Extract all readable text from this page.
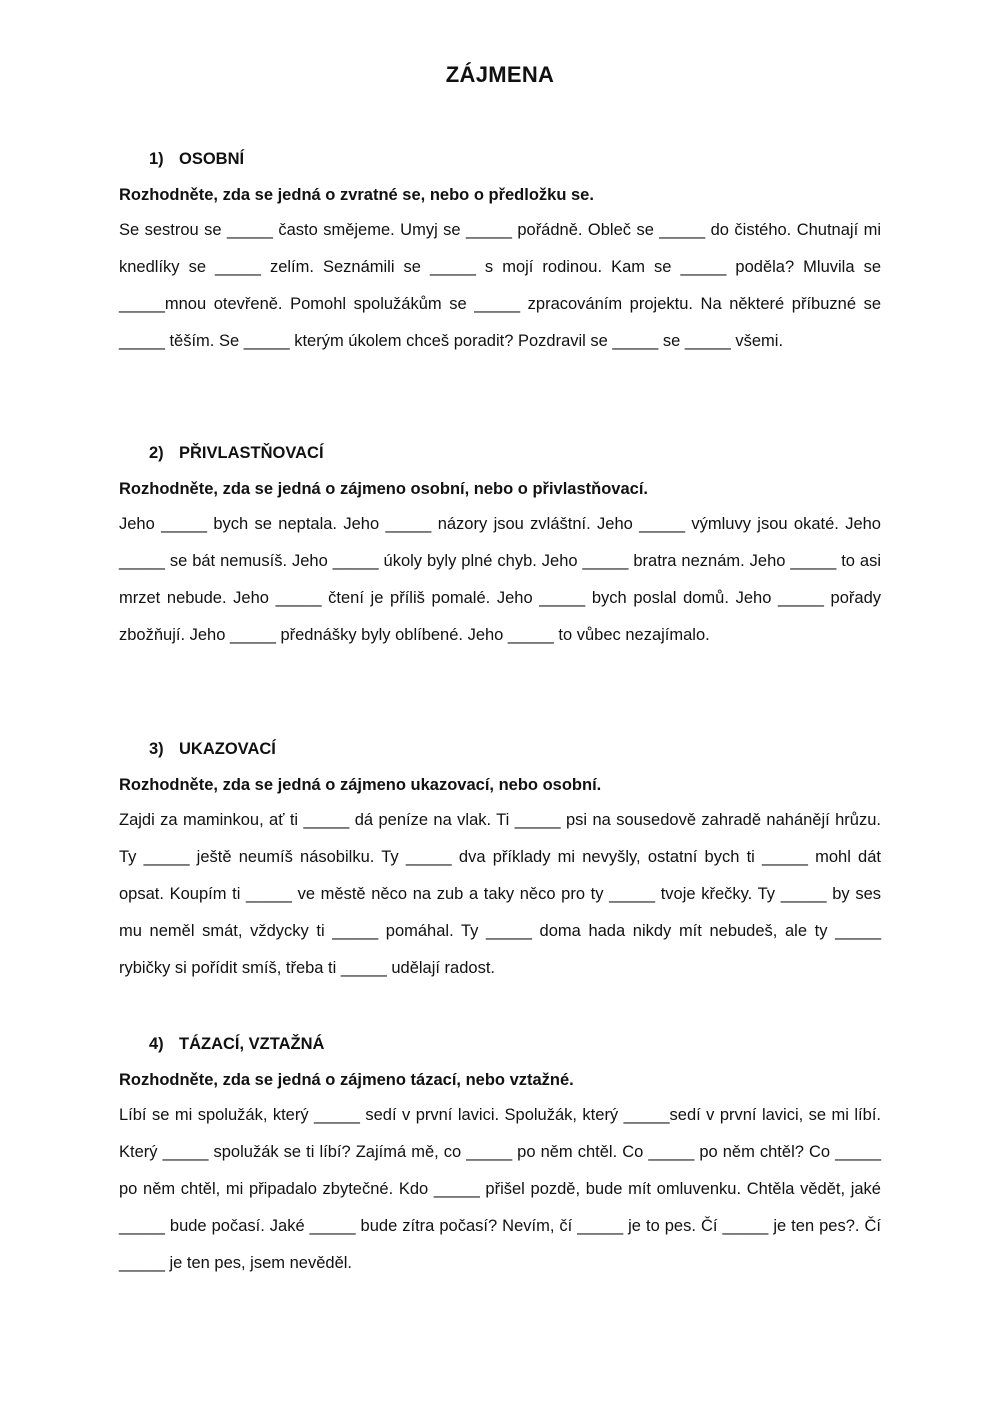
ZÁJMENA
1) OSOBNÍ
Rozhodněte, zda se jedná o zvratné se, nebo o předložku se.
Se sestrou se _____ často smějeme. Umyj se _____ pořádně. Obleč se _____ do čistého. Chutnají mi knedlíky se _____ zelím. Seznámili se _____ s mojí rodinou. Kam se _____ poděla? Mluvila se _____mnou otevřeně. Pomohl spolužákům se _____ zpracováním projektu. Na některé příbuzné se _____ těším. Se _____ kterým úkolem chceš poradit? Pozdravil se _____ se _____ všemi.
2) PŘIVLASTŇOVACÍ
Rozhodněte, zda se jedná o zájmeno osobní, nebo o přivlastňovací.
Jeho _____ bych se neptala. Jeho _____ názory jsou zvláštní. Jeho _____ výmluvy jsou okaté. Jeho _____ se bát nemusíš. Jeho _____ úkoly byly plné chyb. Jeho _____ bratra neznám. Jeho _____ to asi mrzet nebude. Jeho _____ čtení je příliš pomalé. Jeho _____ bych poslal domů. Jeho _____ pořady zbožňují. Jeho _____ přednášky byly oblíbené. Jeho _____ to vůbec nezajímalo.
3) UKAZOVACÍ
Rozhodněte, zda se jedná o zájmeno ukazovací, nebo osobní.
Zajdi za maminkou, ať ti _____ dá peníze na vlak. Ti _____ psi na sousedově zahradě nahánějí hrůzu. Ty _____ ještě neumíš násobilku. Ty _____ dva příklady mi nevyšly, ostatní bych ti _____ mohl dát opsat. Koupím ti _____ ve městě něco na zub a taky něco pro ty _____ tvoje křečky. Ty _____ by ses mu neměl smát, vždycky ti _____ pomáhal. Ty _____ doma hada nikdy mít nebudeš, ale ty _____ rybičky si pořídit smíš, třeba ti _____ udělají radost.
4) TÁZACÍ, VZTAŽNÁ
Rozhodněte, zda se jedná o zájmeno tázací, nebo vztažné.
Líbí se mi spolužák, který _____ sedí v první lavici. Spolužák, který _____sedí v první lavici, se mi líbí. Který _____ spolužák se ti líbí? Zajímá mě, co _____ po něm chtěl. Co _____ po něm chtěl? Co _____ po něm chtěl, mi připadalo zbytečné. Kdo _____ přišel pozdě, bude mít omluvenku. Chtěla vědět, jaké _____ bude počasí. Jaké _____ bude zítra počasí? Nevím, čí _____ je to pes. Čí _____ je ten pes?. Čí _____ je ten pes, jsem nevěděl.
